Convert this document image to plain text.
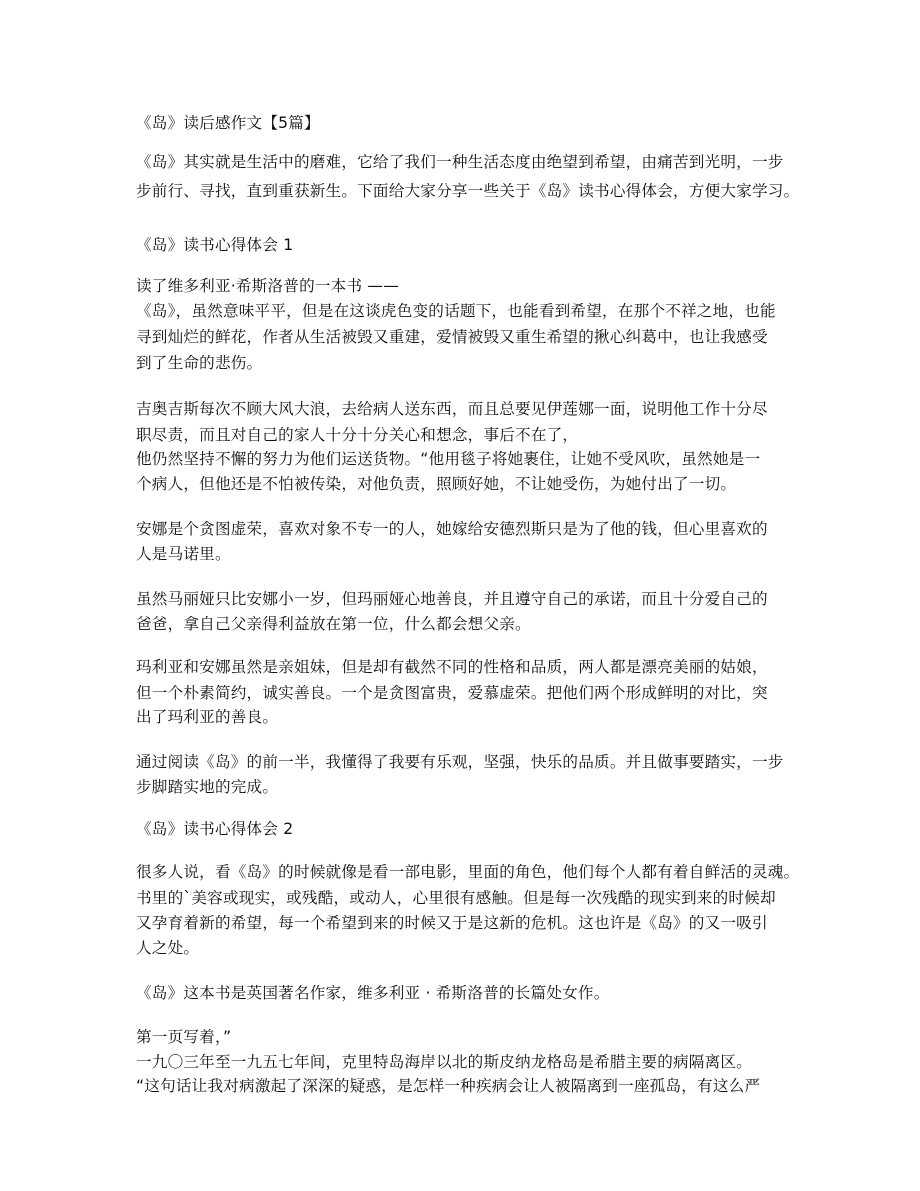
《岛》读后感作文【5篇】
《岛》其实就是生活中的磨难，它给了我们一种生活态度由绝望到希望，由痛苦到光明，一步
步前行、寻找，直到重获新生。下面给大家分享一些关于《岛》读书心得体会，方便大家学习。
《岛》读书心得体会 1
读了维多利亚·希斯洛普的一本书 ——
《岛》，虽然意味平平，但是在这谈虎色变的话题下，也能看到希望，在那个不祥之地，也能
寻到灿烂的鲜花，作者从生活被毁又重建，爱情被毁又重生希望的揪心纠葛中，也让我感受
到了生命的悲伤。
吉奥吉斯每次不顾大风大浪，去给病人送东西，而且总要见伊莲娜一面，说明他工作十分尽
职尽责，而且对自己的家人十分十分关心和想念，事后不在了，
他仍然坚持不懈的努力为他们运送货物。“他用毯子将她裹住，让她不受风吹，虽然她是一
个病人，但他还是不怕被传染，对他负责，照顾好她，不让她受伤，为她付出了一切。
安娜是个贪图虚荣，喜欢对象不专一的人，她嫁给安德烈斯只是为了他的钱，但心里喜欢的
人是马诺里。
虽然马丽娅只比安娜小一岁，但玛丽娅心地善良，并且遵守自己的承诺，而且十分爱自己的
爸爸，拿自己父亲得利益放在第一位，什么都会想父亲。
玛利亚和安娜虽然是亲姐妹，但是却有截然不同的性格和品质，两人都是漂亮美丽的姑娘，
但一个朴素简约，诚实善良。一个是贪图富贵，爱慕虚荣。把他们两个形成鲜明的对比，突
出了玛利亚的善良。
通过阅读《岛》的前一半，我懂得了我要有乐观，坚强，快乐的品质。并且做事要踏实，一步
步脚踏实地的完成。
《岛》读书心得体会 2
很多人说，看《岛》的时候就像是看一部电影，里面的角色，他们每个人都有着自鲜活的灵魂。
书里的`美容或现实，或残酷，或动人，心里很有感触。但是每一次残酷的现实到来的时候却
又孕育着新的希望，每一个希望到来的时候又于是这新的危机。这也许是《岛》的又一吸引
人之处。
《岛》这本书是英国著名作家，维多利亚 · 希斯洛普的长篇处女作。
第一页写着，”
一九〇三年至一九五七年间，克里特岛海岸以北的斯皮纳龙格岛是希腊主要的病隔离区。
“这句话让我对病激起了深深的疑惑，是怎样一种疾病会让人被隔离到一座孤岛，有这么严
